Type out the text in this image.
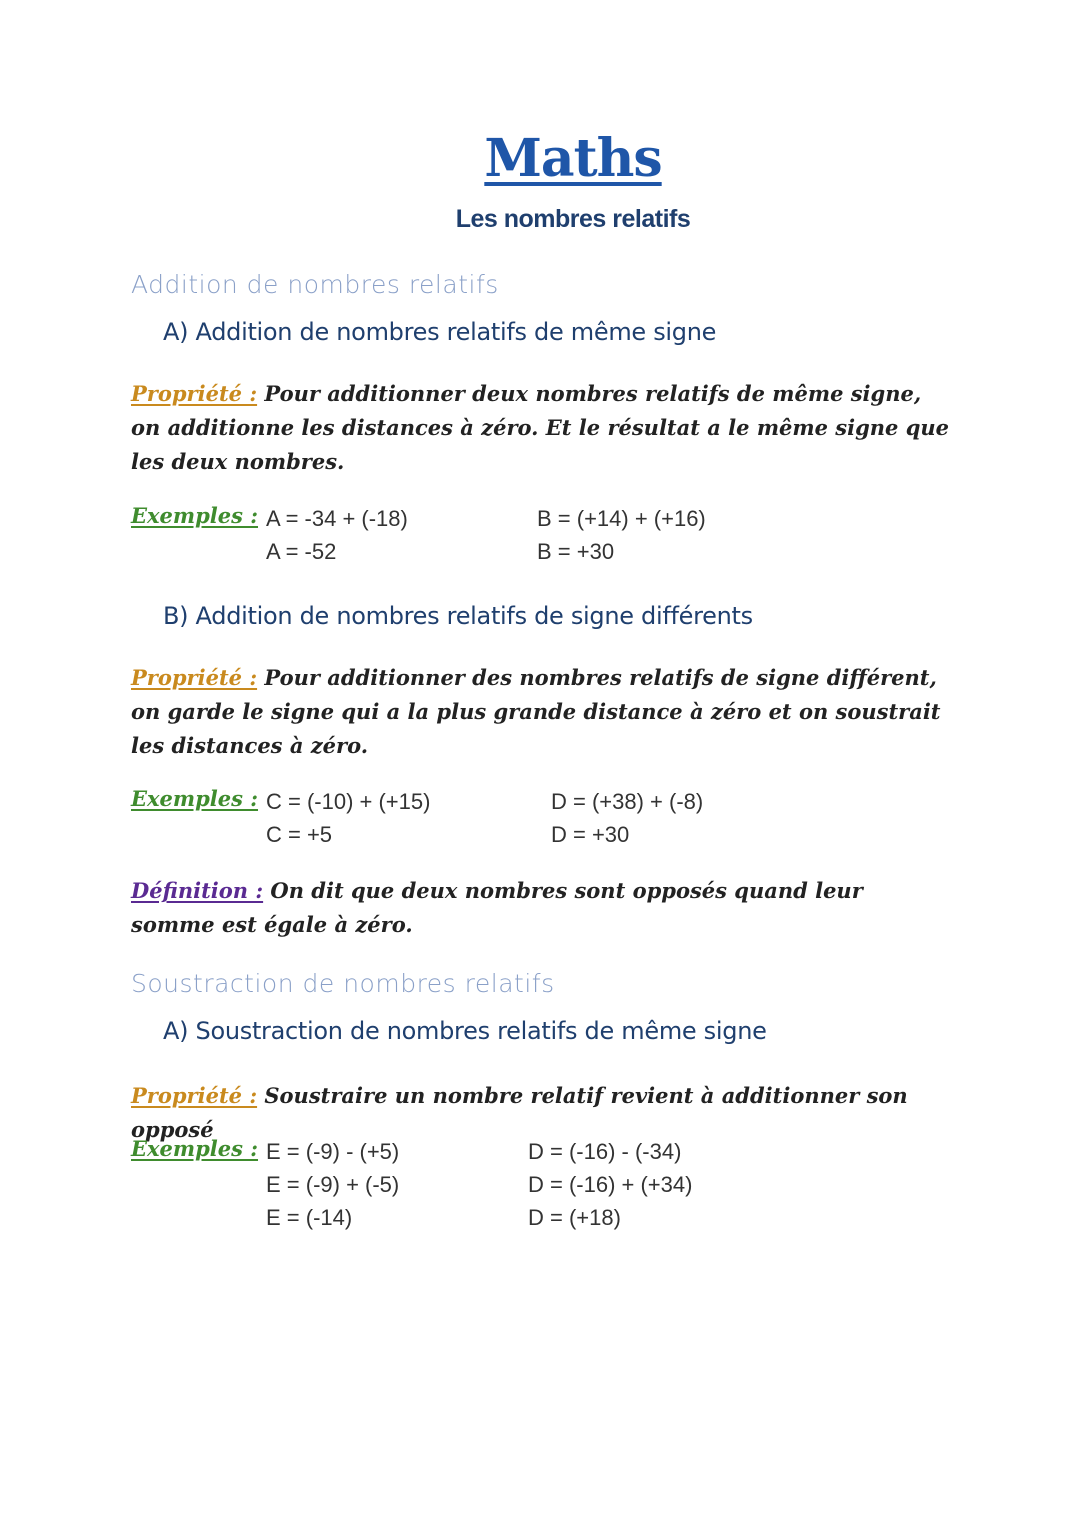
Maths
Les nombres relatifs
Addition de nombres relatifs
A) Addition de nombres relatifs de même signe
Propriété : Pour additionner deux nombres relatifs de même signe, on additionne les distances à zéro. Et le résultat a le même signe que les deux nombres.
Exemples : A = -34 + (-18)
A = -52
B = (+14) + (+16)
B = +30
B) Addition de nombres relatifs de signe différents
Propriété : Pour additionner des nombres relatifs de signe différent, on garde le signe qui a la plus grande distance à zéro et on soustrait les distances à zéro.
Exemples : C = (-10) + (+15)
C = +5
D = (+38) + (-8)
D = +30
Définition : On dit que deux nombres sont opposés quand leur somme est égale à zéro.
Soustraction de nombres relatifs
A) Soustraction de nombres relatifs de même signe
Propriété : Soustraire un nombre relatif revient à additionner son opposé
Exemples : E = (-9) - (+5)
E = (-9) + (-5)
E = (-14)
D = (-16) - (-34)
D = (-16) + (+34)
D = (+18)
